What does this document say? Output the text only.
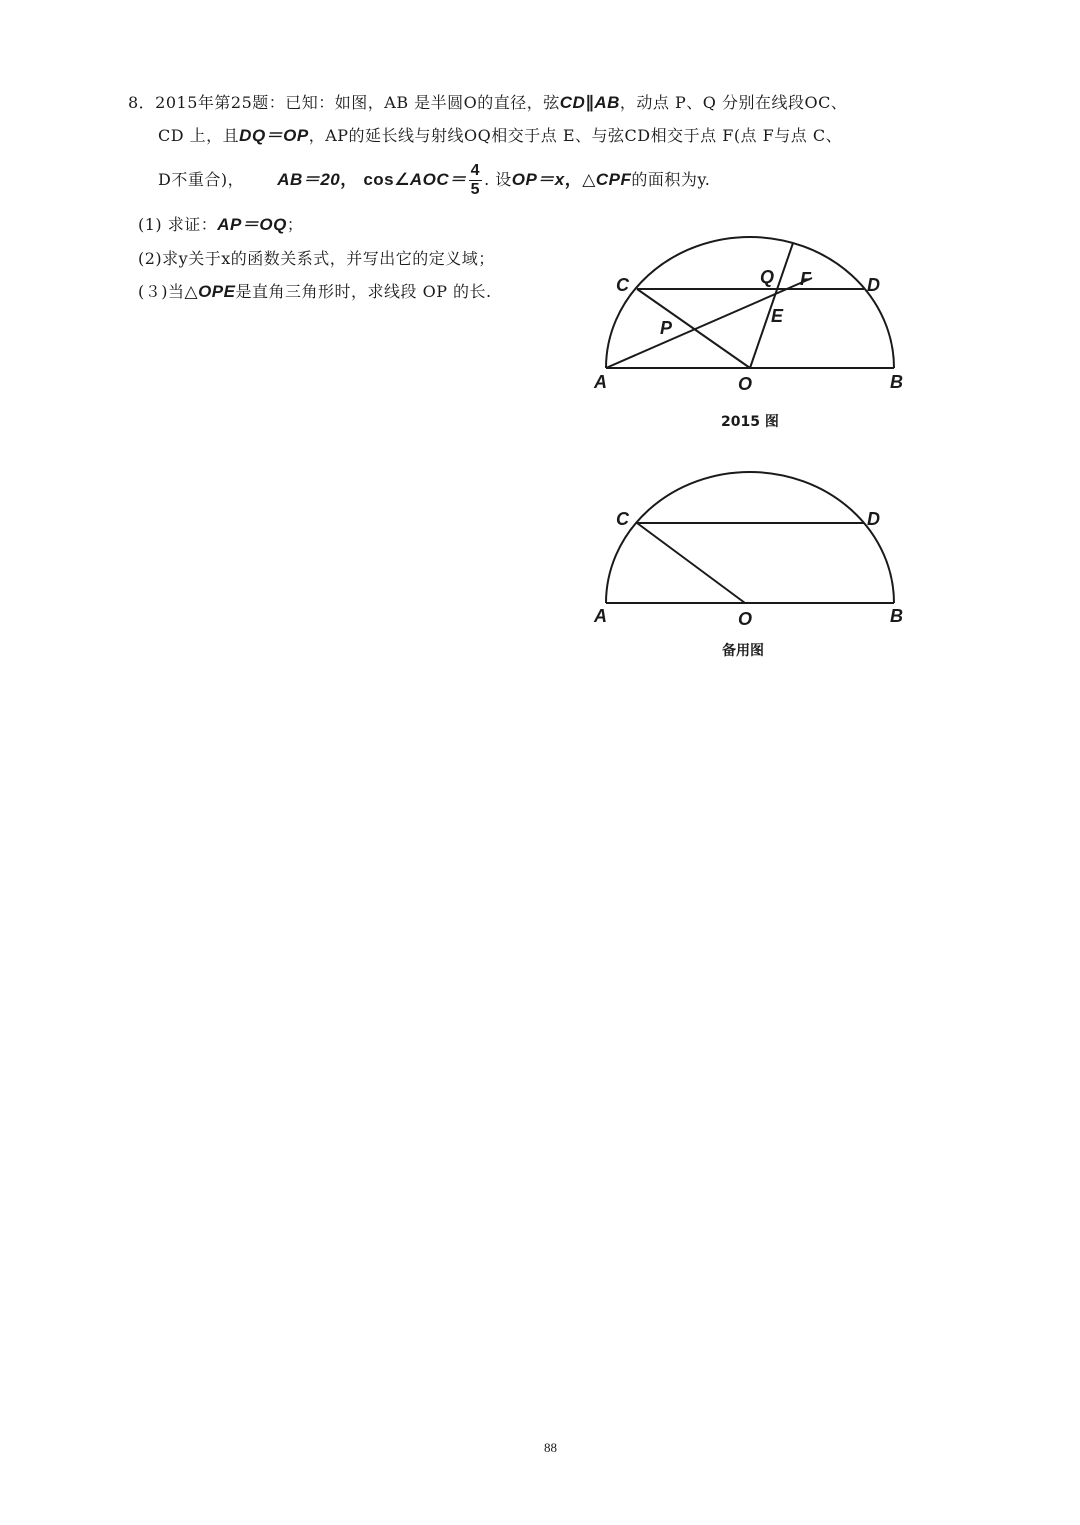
8．2015年第25题：已知：如图，AB 是半圆O的直径，弦CD∥AB，动点 P、Q 分别在线段OC、
CD 上，且DQ＝OP，AP的延长线与射线OQ相交于点 E、与弦CD相交于点 F(点 F与点 C、
D不重合)， AB＝20， cos∠AOC＝ $\frac{4}{5}$ . 设OP＝x，△CPF的面积为y.
(1) 求证：AP＝OQ；
(2)求y关于x的函数关系式，并写出它的定义域；
(３)当△OPE是直角三角形时，求线段 OP 的长.
A	O	B
C	D
P
Q F
E
2015 图
A	O	B
C	D
备用图
88
